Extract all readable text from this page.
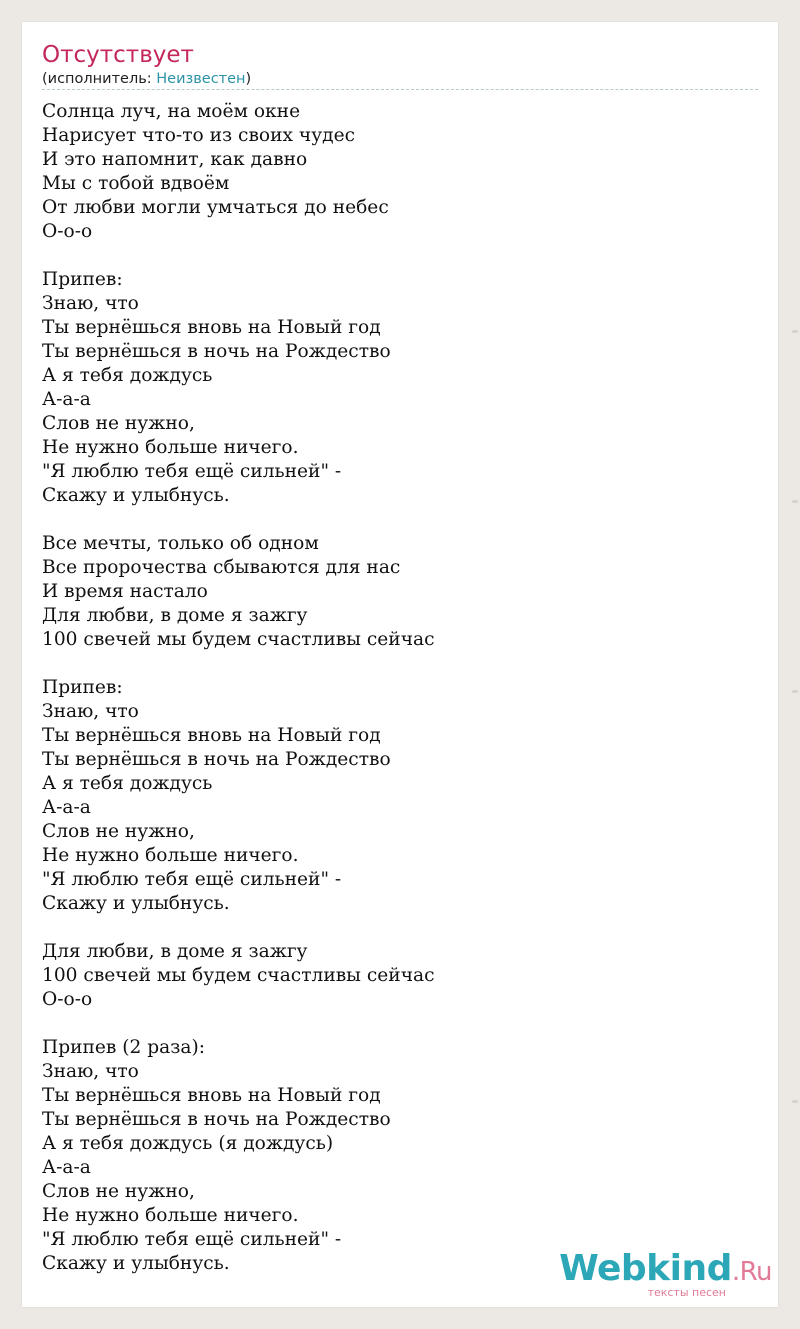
Отсутствует
(исполнитель: Неизвестен)
Солнца луч, на моём окне
Нарисует что-то из своих чудес
И это напомнит, как давно
Мы с тобой вдвоём
От любви могли умчаться до небес
О-о-о
Припев:
Знаю, что
Ты вернёшься вновь на Новый год
Ты вернёшься в ночь на Рождество
А я тебя дождусь
А-а-а
Слов не нужно,
Не нужно больше ничего.
"Я люблю тебя ещё сильней" -
Скажу и улыбнусь.
Все мечты, только об одном
Все пророчества сбываются для нас
И время настало
Для любви, в доме я зажгу
100 свечей мы будем счастливы сейчас
Припев:
Знаю, что
Ты вернёшься вновь на Новый год
Ты вернёшься в ночь на Рождество
А я тебя дождусь
А-а-а
Слов не нужно,
Не нужно больше ничего.
"Я люблю тебя ещё сильней" -
Скажу и улыбнусь.
Для любви, в доме я зажгу
100 свечей мы будем счастливы сейчас
О-о-о
Припев (2 раза):
Знаю, что
Ты вернёшься вновь на Новый год
Ты вернёшься в ночь на Рождество
А я тебя дождусь (я дождусь)
А-а-а
Слов не нужно,
Не нужно больше ничего.
"Я люблю тебя ещё сильней" -
Скажу и улыбнусь.	Webkind.Ru
тексты песен
